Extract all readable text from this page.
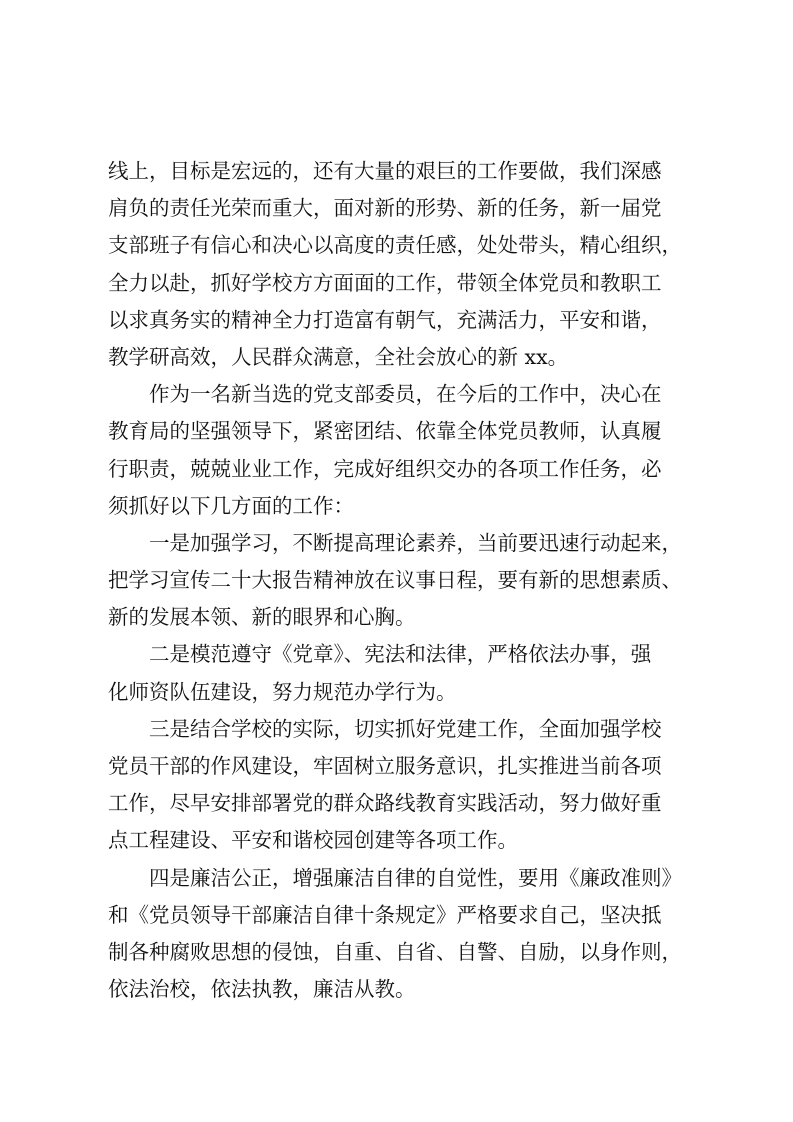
线上，目标是宏远的，还有大量的艰巨的工作要做，我们深感
肩负的责任光荣而重大，面对新的形势、新的任务，新一届党
支部班子有信心和决心以高度的责任感，处处带头，精心组织，
全力以赴，抓好学校方方面面的工作，带领全体党员和教职工
以求真务实的精神全力打造富有朝气，充满活力，平安和谐，
教学研高效，人民群众满意，全社会放心的新 xx。
作为一名新当选的党支部委员，在今后的工作中，决心在
教育局的坚强领导下，紧密团结、依靠全体党员教师，认真履
行职责，兢兢业业工作，完成好组织交办的各项工作任务，必
须抓好以下几方面的工作：
一是加强学习，不断提高理论素养，当前要迅速行动起来，
把学习宣传二十大报告精神放在议事日程，要有新的思想素质、
新的发展本领、新的眼界和心胸。
二是模范遵守《党章》、宪法和法律，严格依法办事，强
化师资队伍建设，努力规范办学行为。
三是结合学校的实际，切实抓好党建工作，全面加强学校
党员干部的作风建设，牢固树立服务意识，扎实推进当前各项
工作，尽早安排部署党的群众路线教育实践活动，努力做好重
点工程建设、平安和谐校园创建等各项工作。
四是廉洁公正，增强廉洁自律的自觉性，要用《廉政准则》
和《党员领导干部廉洁自律十条规定》严格要求自己，坚决抵
制各种腐败思想的侵蚀，自重、自省、自警、自励，以身作则，
依法治校，依法执教，廉洁从教。
